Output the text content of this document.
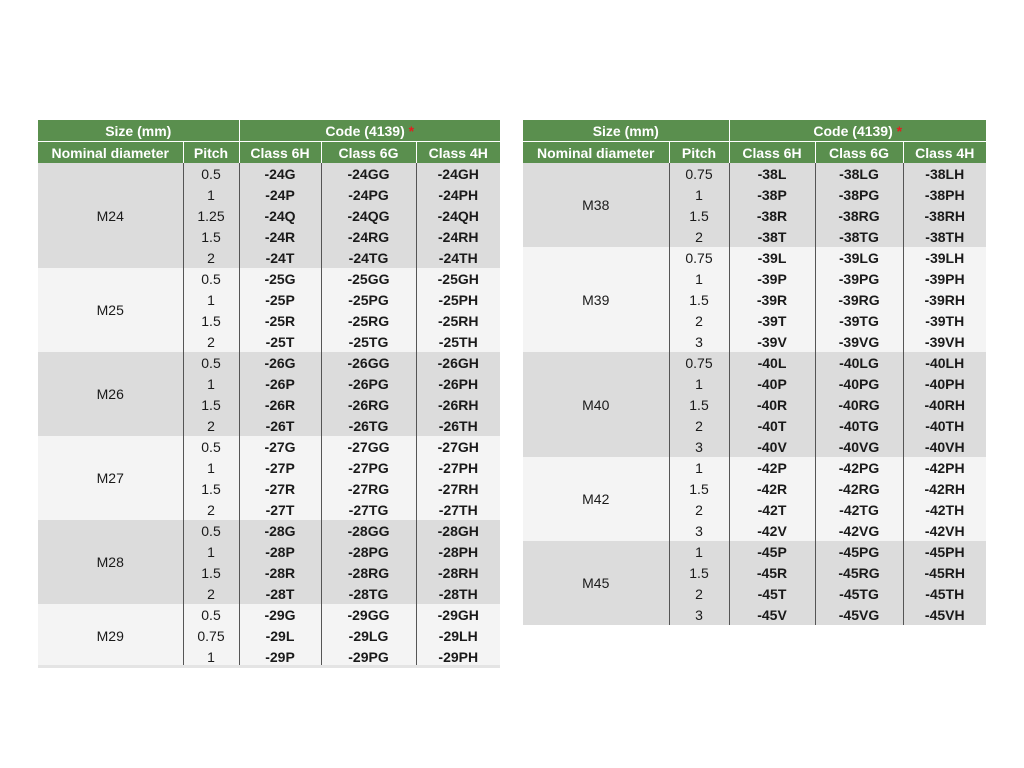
Size (mm)		Code (4139) *		
Nominal diameter	Pitch	Class 6H	Class 6G	Class 4H
M24	0.5	-24G	-24GG	-24GH
	1	-24P	-24PG	-24PH
	1.25	-24Q	-24QG	-24QH
	1.5	-24R	-24RG	-24RH
	2	-24T	-24TG	-24TH
M25	0.5	-25G	-25GG	-25GH
	1	-25P	-25PG	-25PH
	1.5	-25R	-25RG	-25RH
	2	-25T	-25TG	-25TH
M26	0.5	-26G	-26GG	-26GH
	1	-26P	-26PG	-26PH
	1.5	-26R	-26RG	-26RH
	2	-26T	-26TG	-26TH
M27	0.5	-27G	-27GG	-27GH
	1	-27P	-27PG	-27PH
	1.5	-27R	-27RG	-27RH
	2	-27T	-27TG	-27TH
M28	0.5	-28G	-28GG	-28GH
	1	-28P	-28PG	-28PH
	1.5	-28R	-28RG	-28RH
	2	-28T	-28TG	-28TH
M29	0.5	-29G	-29GG	-29GH
	0.75	-29L	-29LG	-29LH
	1	-29P	-29PG	-29PH
Size (mm)		Code (4139) *		
Nominal diameter	Pitch	Class 6H	Class 6G	Class 4H
M38	0.75	-38L	-38LG	-38LH
	1	-38P	-38PG	-38PH
	1.5	-38R	-38RG	-38RH
	2	-38T	-38TG	-38TH
M39	0.75	-39L	-39LG	-39LH
	1	-39P	-39PG	-39PH
	1.5	-39R	-39RG	-39RH
	2	-39T	-39TG	-39TH
	3	-39V	-39VG	-39VH
M40	0.75	-40L	-40LG	-40LH
	1	-40P	-40PG	-40PH
	1.5	-40R	-40RG	-40RH
	2	-40T	-40TG	-40TH
	3	-40V	-40VG	-40VH
M42	1	-42P	-42PG	-42PH
	1.5	-42R	-42RG	-42RH
	2	-42T	-42TG	-42TH
	3	-42V	-42VG	-42VH
M45	1	-45P	-45PG	-45PH
	1.5	-45R	-45RG	-45RH
	2	-45T	-45TG	-45TH
	3	-45V	-45VG	-45VH
